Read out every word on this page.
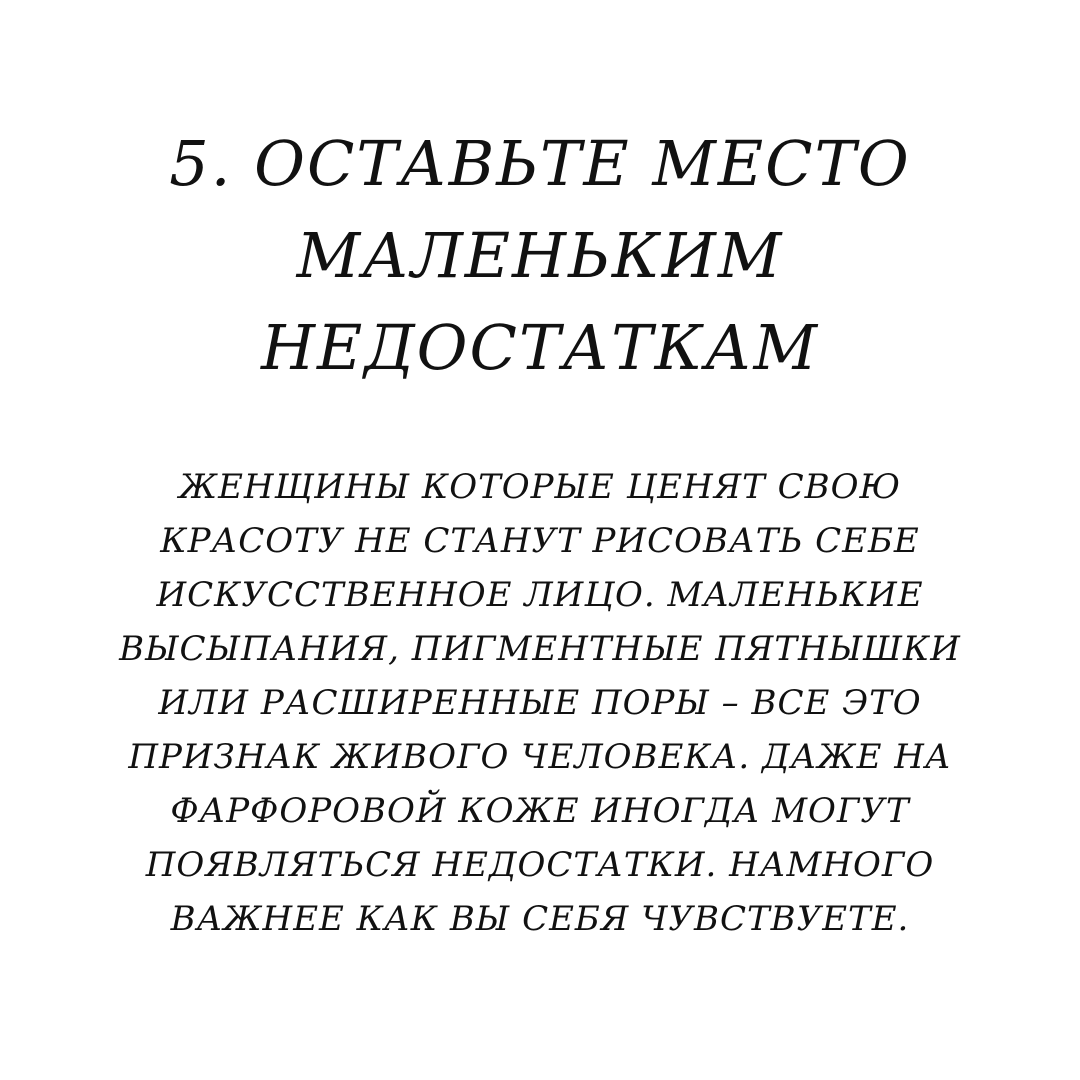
5. ОСТАВЬТЕ МЕСТО
МАЛЕНЬКИМ
НЕДОСТАТКАМ

ЖЕНЩИНЫ КОТОРЫЕ ЦЕНЯТ СВОЮ
КРАСОТУ НЕ СТАНУТ РИСОВАТЬ СЕБЕ
ИСКУССТВЕННОЕ ЛИЦО. МАЛЕНЬКИЕ
ВЫСЫПАНИЯ, ПИГМЕНТНЫЕ ПЯТНЫШКИ
ИЛИ РАСШИРЕННЫЕ ПОРЫ – ВСЕ ЭТО
ПРИЗНАК ЖИВОГО ЧЕЛОВЕКА. ДАЖЕ НА
ФАРФОРОВОЙ КОЖЕ ИНОГДА МОГУТ
ПОЯВЛЯТЬСЯ НЕДОСТАТКИ. НАМНОГО
ВАЖНЕЕ КАК ВЫ СЕБЯ ЧУВСТВУЕТЕ.
